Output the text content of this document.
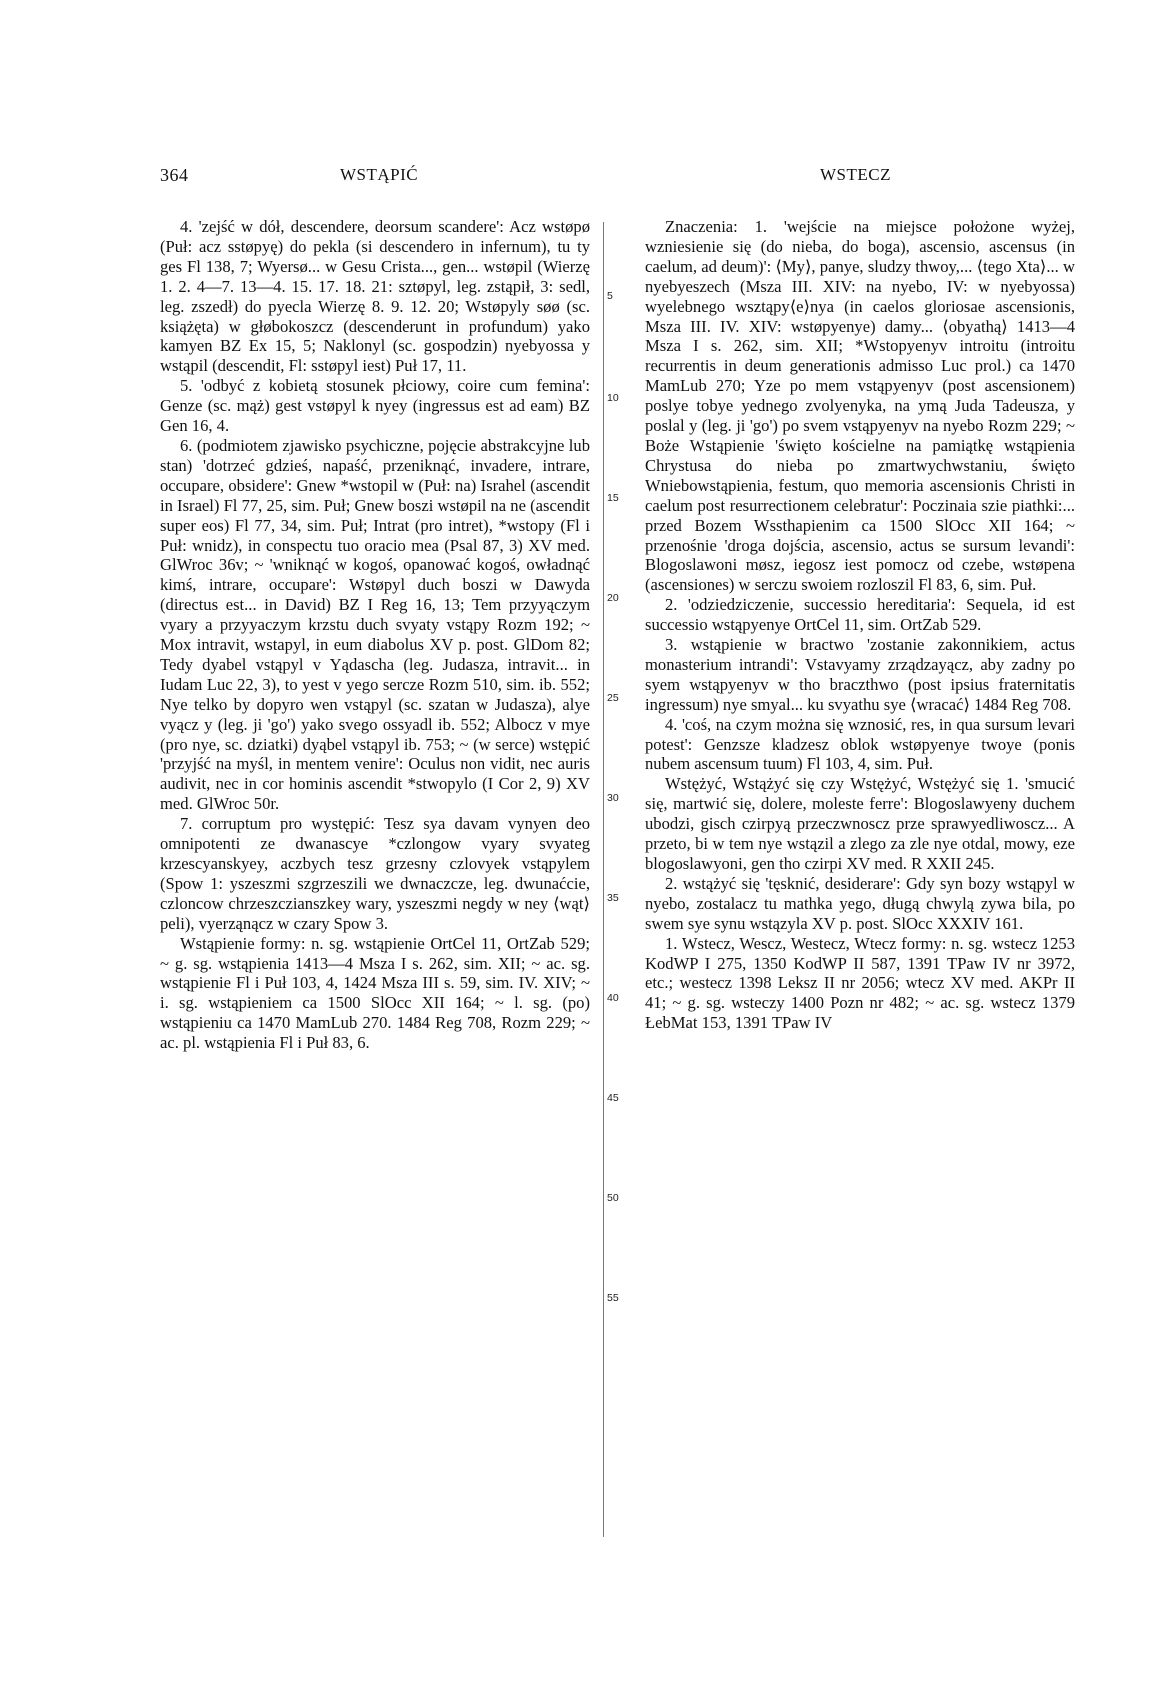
364	WSTĄPIĆ	WSTECZ

4. 'zejść w dół, descendere, deorsum scandere': Acz wstøpø (Puł: acz sstøpyę) do pekla (si descendero in infernum), tu ty ges Fl 138, 7; Wyersø... w Gesu Crista..., gen... wstøpil (Wierzę 1. 2. 4—7. 13—4. 15. 17. 18. 21: sztøpyl, leg. zstąpił, 3: sedl, leg. zszedł) do pyecla Wierzę 8. 9. 12. 20; Wstøpyly søø (sc. książęta) w głøbokoszcz (descenderunt in profundum) yako kamyen BZ Ex 15, 5; Naklonyl (sc. gospodzin) nyebyossa y wstąpil (descendit, Fl: sstøpyl iest) Puł 17, 11.

5. 'odbyć z kobietą stosunek płciowy, coire cum femina': Genze (sc. mąż) gest vstøpyl k nyey (ingressus est ad eam) BZ Gen 16, 4.

6. (podmiotem zjawisko psychiczne, pojęcie abstrakcyjne lub stan) 'dotrzeć gdzieś, napaść, przeniknąć, invadere, intrare, occupare, obsidere': Gnew *wstopil w (Puł: na) Israhel (ascendit in Israel) Fl 77, 25, sim. Puł; Gnew boszi wstøpil na ne (ascendit super eos) Fl 77, 34, sim. Puł; Intrat (pro intret), *wstopy (Fl i Puł: wnidz), in conspectu tuo oracio mea (Psal 87, 3) XV med. GlWroc 36v; ~ 'wniknąć w kogoś, opanować kogoś, owładnąć kimś, intrare, occupare': Wstøpyl duch boszi w Dawyda (directus est... in David) BZ I Reg 16, 13; Tem przyyączym vyary a przyyaczym krzstu duch svyaty vstąpy Rozm 192; ~ Mox intravit, wstapyl, in eum diabolus XV p. post. GlDom 82; Tedy dyabel vstąpyl v Yądascha (leg. Judasza, intravit... in Iudam Luc 22, 3), to yest v yego sercze Rozm 510, sim. ib. 552; Nye telko by dopyro wen vstąpyl (sc. szatan w Judasza), alye vyącz y (leg. ji 'go') yako svego ossyadl ib. 552; Albocz v mye (pro nye, sc. dziatki) dyąbel vstąpyl ib. 753; ~ (w serce) wstępić 'przyjść na myśl, in mentem venire': Oculus non vidit, nec auris audivit, nec in cor hominis ascendit *stwopylo (I Cor 2, 9) XV med. GlWroc 50r.

7. corruptum pro występić: Tesz sya davam vynyen deo omnipotenti ze dwanascye *czlongow vyary svyateg krzescyanskyey, aczbych tesz grzesny czlovyek vstąpylem (Spow 1: yszeszmi szgrzeszili we dwnaczcze, leg. dwunaćcie, czloncow chrzeszczianszkey wary, yszeszmi negdy w ney ⟨wąt⟩peli), vyerząnącz w czary Spow 3.

Wstąpienie formy: n. sg. wstąpienie OrtCel 11, OrtZab 529; ~ g. sg. wstąpienia 1413—4 Msza I s. 262, sim. XII; ~ ac. sg. wstąpienie Fl i Puł 103, 4, 1424 Msza III s. 59, sim. IV. XIV; ~ i. sg. wstąpieniem ca 1500 SlOcc XII 164; ~ l. sg. (po) wstąpieniu ca 1470 MamLub 270. 1484 Reg 708, Rozm 229; ~ ac. pl. wstąpienia Fl i Puł 83, 6.

5
10
15
20
25
30
35
40
45
50
55

Znaczenia: 1. 'wejście na miejsce położone wyżej, wzniesienie się (do nieba, do boga), ascensio, ascensus (in caelum, ad deum)': ⟨My⟩, panye, sludzy thwoy,... ⟨tego Xta⟩... w nyebyeszech (Msza III. XIV: na nyebo, IV: w nyebyossa) wyelebnego wsztąpy⟨e⟩nya (in caelos gloriosae ascensionis, Msza III. IV. XIV: wstøpyenye) damy... ⟨obyathą⟩ 1413—4 Msza I s. 262, sim. XII; *Wstopyenyv introitu (introitu recurrentis in deum generationis admisso Luc prol.) ca 1470 MamLub 270; Yze po mem vstąpyenyv (post ascensionem) poslye tobye yednego zvolyenyka, na ymą Juda Tadeusza, y poslal y (leg. ji 'go') po svem vstąpyenyv na nyebo Rozm 229; ~ Boże Wstąpienie 'święto kościelne na pamiątkę wstąpienia Chrystusa do nieba po zmartwychwstaniu, święto Wniebowstąpienia, festum, quo memoria ascensionis Christi in caelum post resurrectionem celebratur': Poczinaia szie piathki:... przed Bozem Wssthapienim ca 1500 SlOcc XII 164; ~ przenośnie 'droga dojścia, ascensio, actus se sursum levandi': Blogoslawoni møsz, iegosz iest pomocz od czebe, wstøpena (ascensiones) w serczu swoiem rozloszil Fl 83, 6, sim. Puł.

2. 'odziedziczenie, successio hereditaria': Sequela, id est successio wstąpyenye OrtCel 11, sim. OrtZab 529.

3. wstąpienie w bractwo 'zostanie zakonnikiem, actus monasterium intrandi': Vstavyamy zrządzayącz, aby zadny po syem wstąpyenyv w tho braczthwo (post ipsius fraternitatis ingressum) nye smyal... ku svyathu sye ⟨wracać⟩ 1484 Reg 708.

4. 'coś, na czym można się wznosić, res, in qua sursum levari potest': Genzsze kladzesz oblok wstøpyenye twoye (ponis nubem ascensum tuum) Fl 103, 4, sim. Puł.

Wstężyć, Wstążyć się czy Wstężyć, Wstężyć się 1. 'smucić się, martwić się, dolere, moleste ferre': Blogoslawyeny duchem ubodzi, gisch czirpyą przeczwnoscz prze sprawyedliwoscz... A przeto, bi w tem nye wstązil a zlego za zle nye otdal, mowy, eze blogoslawyoni, gen tho czirpi XV med. R XXII 245.

2. wstążyć się 'tęsknić, desiderare': Gdy syn bozy wstąpyl w nyebo, zostalacz tu mathka yego, długą chwylą zywa bila, po swem sye synu wstązyla XV p. post. SlOcc XXXIV 161.

1. Wstecz, Wescz, Westecz, Wtecz formy: n. sg. wstecz 1253 KodWP I 275, 1350 KodWP II 587, 1391 TPaw IV nr 3972, etc.; westecz 1398 Leksz II nr 2056; wtecz XV med. AKPr II 41; ~ g. sg. wsteczy 1400 Pozn nr 482; ~ ac. sg. wstecz 1379 ŁebMat 153, 1391 TPaw IV
